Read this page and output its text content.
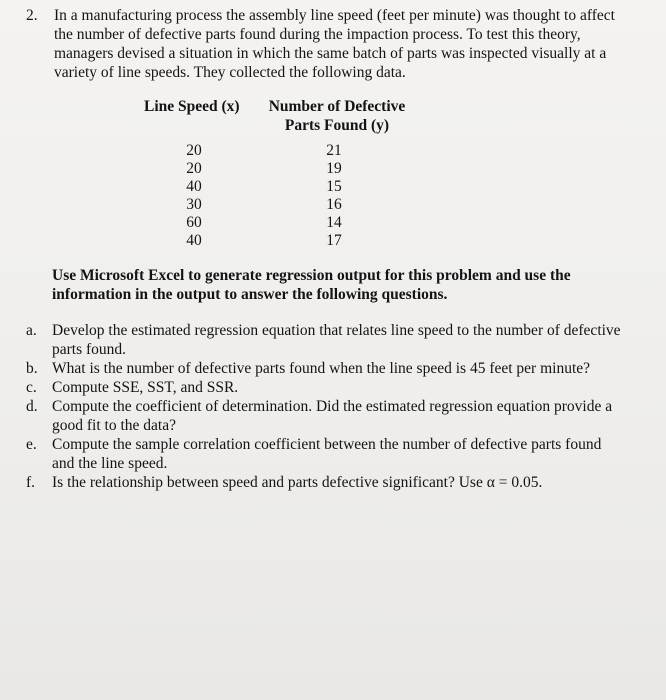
2. In a manufacturing process the assembly line speed (feet per minute) was thought to affect the number of defective parts found during the impaction process. To test this theory, managers devised a situation in which the same batch of parts was inspected visually at a variety of line speeds. They collected the following data.
Line Speed (x)	Number of Defective
Parts Found (y)
20
20
40
30
60
40
21
19
15
16
14
17
Use Microsoft Excel to generate regression output for this problem and use the information in the output to answer the following questions.
a. Develop the estimated regression equation that relates line speed to the number of defective parts found.
b. What is the number of defective parts found when the line speed is 45 feet per minute?
c. Compute SSE, SST, and SSR.
d. Compute the coefficient of determination. Did the estimated regression equation provide a good fit to the data?
e. Compute the sample correlation coefficient between the number of defective parts found and the line speed.
f. Is the relationship between speed and parts defective significant? Use α = 0.05.
